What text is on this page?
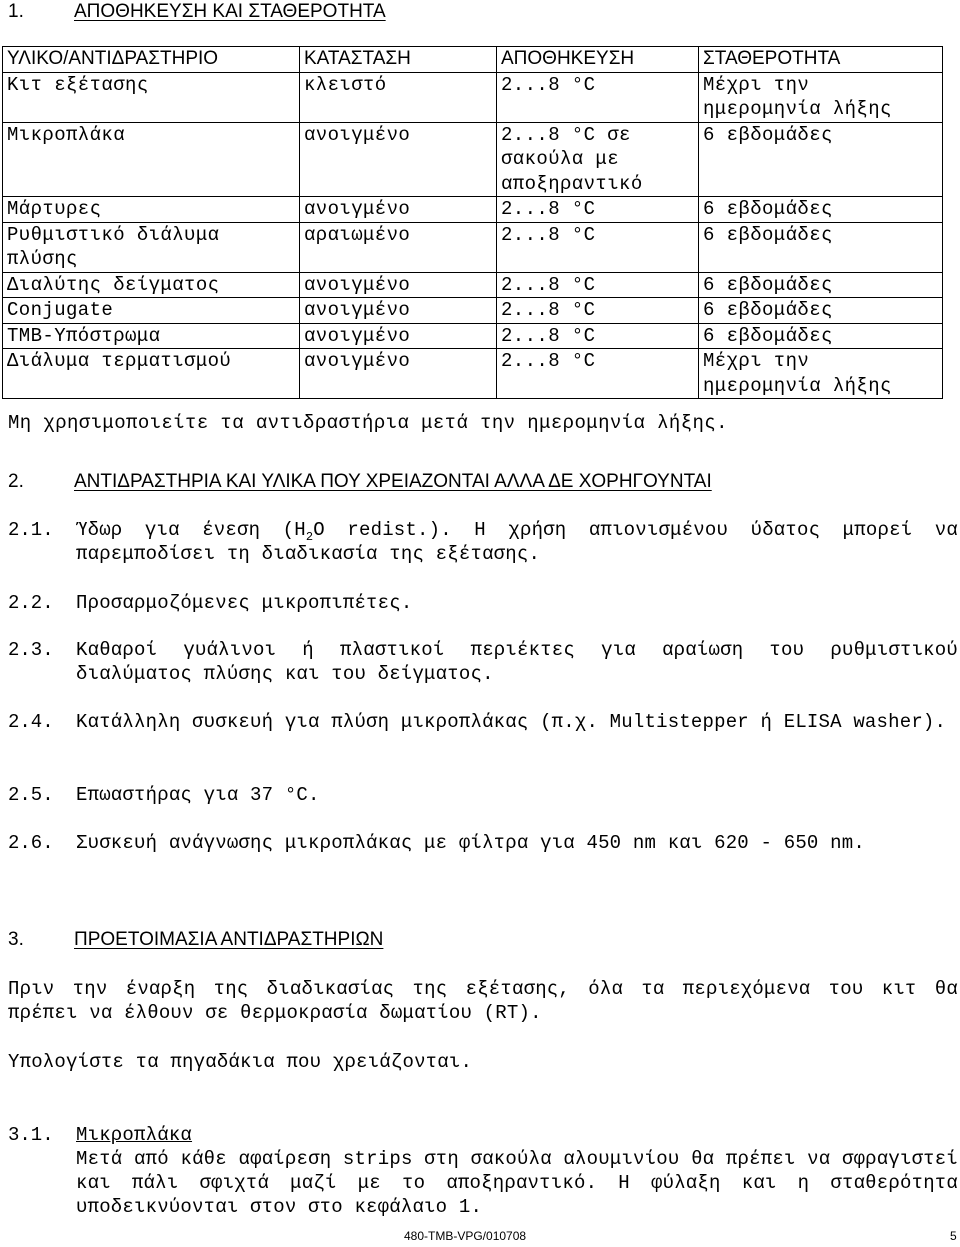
1.	ΑΠΟΘΗΚΕΥΣΗ ΚΑΙ ΣΤΑΘΕΡΟΤΗΤΑ
ΥΛΙΚΟ/ΑΝΤΙΔΡΑΣΤΗΡΙΟ	ΚΑΤΑΣΤΑΣΗ	ΑΠΟΘΗΚΕΥΣΗ	ΣΤΑΘΕΡΟΤΗΤΑ
Κιτ εξέτασης	κλειστό	2...8 °C	Μέχρι την ημερομηνία λήξης
Μικροπλάκα	ανοιγμένο	2...8 °C σε σακούλα με αποξηραντικό	6 εβδομάδες
Μάρτυρες	ανοιγμένο	2...8 °C	6 εβδομάδες
Ρυθμιστικό διάλυμα πλύσης	αραιωμένο	2...8 °C	6 εβδομάδες
Διαλύτης δείγματος	ανοιγμένο	2...8 °C	6 εβδομάδες
Conjugate	ανοιγμένο	2...8 °C	6 εβδομάδες
TMB-Υπόστρωμα	ανοιγμένο	2...8 °C	6 εβδομάδες
Διάλυμα τερματισμού	ανοιγμένο	2...8 °C	Μέχρι την ημερομηνία λήξης
Μη χρησιμοποιείτε τα αντιδραστήρια μετά την ημερομηνία λήξης.
2.	ΑΝΤΙΔΡΑΣΤΗΡΙΑ ΚΑΙ ΥΛΙΚΑ ΠΟΥ ΧΡΕΙΑΖΟΝΤΑΙ ΑΛΛΑ ΔΕ ΧΟΡΗΓΟΥΝΤΑΙ
2.1.	Ύδωρ για ένεση ($H_2O$ redist.). Η χρήση απιονισμένου ύδατος μπορεί να παρεμποδίσει τη διαδικασία της εξέτασης.
2.2.	Προσαρμοζόμενες μικροπιπέτες.
2.3.	Καθαροί γυάλινοι ή πλαστικοί περιέκτες για αραίωση του ρυθμιστικού διαλύματος πλύσης και του δείγματος.
2.4.	Κατάλληλη συσκευή για πλύση μικροπλάκας (π.χ. Multistepper ή ELISA washer).
2.5.	Επωαστήρας για 37 °C.
2.6.	Συσκευή ανάγνωσης μικροπλάκας με φίλτρα για 450 nm και 620 - 650 nm.
3.	ΠΡΟΕΤΟΙΜΑΣΙΑ ΑΝΤΙΔΡΑΣΤΗΡΙΩΝ
Πριν την έναρξη της διαδικασίας της εξέτασης, όλα τα περιεχόμενα του κιτ θα πρέπει να έλθουν σε θερμοκρασία δωματίου (RT).
Υπολογίστε τα πηγαδάκια που χρειάζονται.
3.1.	Μικροπλάκα
Μετά από κάθε αφαίρεση strips στη σακούλα αλουμινίου θα πρέπει να σφραγιστεί και πάλι σφιχτά μαζί με το αποξηραντικό. Η φύλαξη και η σταθερότητα υποδεικνύονται στον στο κεφάλαιο 1.
480-TMB-VPG/010708	5
